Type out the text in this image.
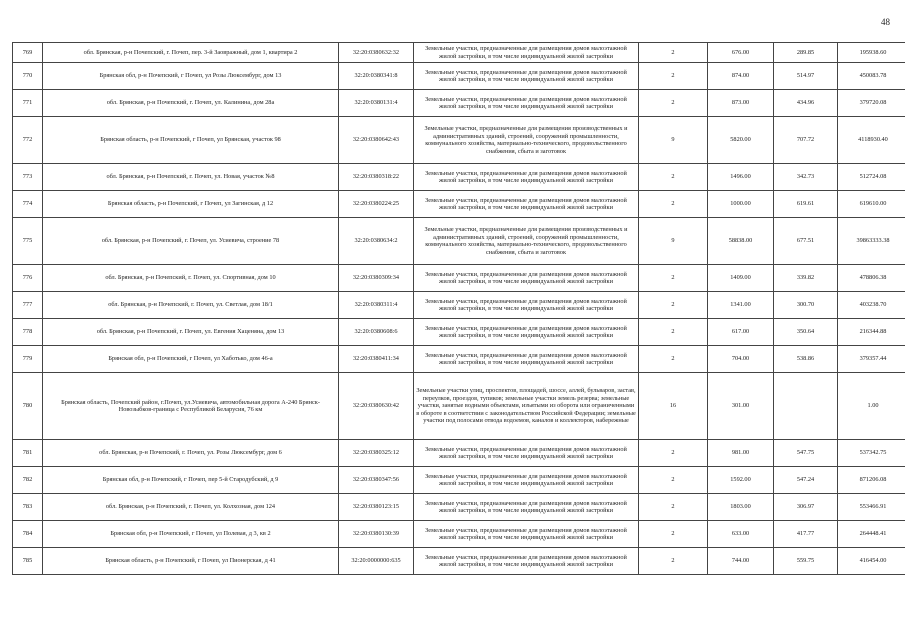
48
769	обл. Брянская, р-н Почепский, г. Почеп, пер. 3-й Заовражный, дом 1, квартира 2	32:20:0380632:32	Земельные участки, предназначенные для размещения домов малоэтажной жилой застройки, в том числе индивидуальной жилой застройки	2	676.00	289.85	195938.60
770	Брянская обл, р-н Почепский, г Почеп, ул Розы Люксембург, дом 13	32:20:0380341:8	Земельные участки, предназначенные для размещения домов малоэтажной жилой застройки, в том числе индивидуальной жилой застройки	2	874.00	514.97	450083.78
771	обл. Брянская, р-н Почепский, г. Почеп, ул. Калинина, дом 28а	32:20:0380131:4	Земельные участки, предназначенные для размещения домов малоэтажной жилой застройки, в том числе индивидуальной жилой застройки	2	873.00	434.96	379720.08
772	Брянская область, р-н Почепский, г Почеп, ул Брянская, участок 98	32:20:0380642:43	Земельные участки, предназначенные для размещения производственных и административных зданий, строений, сооружений промышленности, коммунального хозяйства, материально-технического, продовольственного снабжения, сбыта и заготовок	9	5820.00	707.72	4118930.40
773	обл. Брянская, р-н Почепский, г. Почеп, ул. Новая, участок №8	32:20:0380318:22	Земельные участки, предназначенные для размещения домов малоэтажной жилой застройки, в том числе индивидуальной жилой застройки	2	1496.00	342.73	512724.08
774	Брянская область, р-н Почепский, г Почеп, ул Загинская, д 12	32:20:0380224:25	Земельные участки, предназначенные для размещения домов малоэтажной жилой застройки, в том числе индивидуальной жилой застройки	2	1000.00	619.61	619610.00
775	обл. Брянская, р-н Почепский, г. Почеп, ул. Усиевича, строение 78	32:20:0380634:2	Земельные участки, предназначенные для размещения производственных и административных зданий, строений, сооружений промышленности, коммунального хозяйства, материально-технического, продовольственного снабжения, сбыта и заготовок	9	58838.00	677.51	39863333.38
776	обл. Брянская, р-н Почепский, г. Почеп, ул. Спортивная, дом 10	32:20:0380309:34	Земельные участки, предназначенные для размещения домов малоэтажной жилой застройки, в том числе индивидуальной жилой застройки	2	1409.00	339.82	478806.38
777	обл. Брянская, р-н Почепский, г. Почеп, ул. Светлая, дом 18/1	32:20:0380311:4	Земельные участки, предназначенные для размещения домов малоэтажной жилой застройки, в том числе индивидуальной жилой застройки	2	1341.00	300.70	403238.70
778	обл. Брянская, р-н Почепский, г. Почеп, ул. Евгения Хаценяна, дом 13	32:20:0380608:6	Земельные участки, предназначенные для размещения домов малоэтажной жилой застройки, в том числе индивидуальной жилой застройки	2	617.00	350.64	216344.88
779	Брянская обл, р-н Почепский, г Почеп, ул Хаботько, дом 46-а	32:20:0380411:34	Земельные участки, предназначенные для размещения домов малоэтажной жилой застройки, в том числе индивидуальной жилой застройки	2	704.00	538.86	379357.44
780	Брянская область, Почепский район, г.Почеп, ул.Усиевича, автомобильная дорога А-240 Брянск-Новозыбков-граница с Республикой Беларусия, 76 км	32:20:0380630:42	Земельные участки улиц, проспектов, площадей, шоссе, аллей, бульваров, застав, переулков, проездов, тупиков; земельные участки земель резерва; земельные участки, занятые водными объектами, изъятыми из оборота или ограниченными в обороте в соответствии с законодательством Российской Федерации; земельные участки под полосами отвода водоемов, каналов и коллекторов, набережные	16	301.00		1.00
781	обл. Брянская, р-н Почепский, г. Почеп, ул. Розы Люксембург, дом 6	32:20:0380325:12	Земельные участки, предназначенные для размещения домов малоэтажной жилой застройки, в том числе индивидуальной жилой застройки	2	981.00	547.75	537342.75
782	Брянская обл, р-н Почепский, г Почеп, пер 5-й Стародубский, д 9	32:20:0380347:56	Земельные участки, предназначенные для размещения домов малоэтажной жилой застройки, в том числе индивидуальной жилой застройки	2	1592.00	547.24	871206.08
783	обл. Брянская, р-н Почепский, г. Почеп, ул. Колхозная, дом 124	32:20:0380123:15	Земельные участки, предназначенные для размещения домов малоэтажной жилой застройки, в том числе индивидуальной жилой застройки	2	1803.00	306.97	553466.91
784	Брянская обл, р-н Почепский, г Почеп, ул Полевая, д 3, кв 2	32:20:0380130:39	Земельные участки, предназначенные для размещения домов малоэтажной жилой застройки, в том числе индивидуальной жилой застройки	2	633.00	417.77	264448.41
785	Брянская область, р-н Почепский, г Почеп, ул Пионерская, д 41	32:20:0000000:635	Земельные участки, предназначенные для размещения домов малоэтажной жилой застройки, в том числе индивидуальной жилой застройки	2	744.00	559.75	416454.00
